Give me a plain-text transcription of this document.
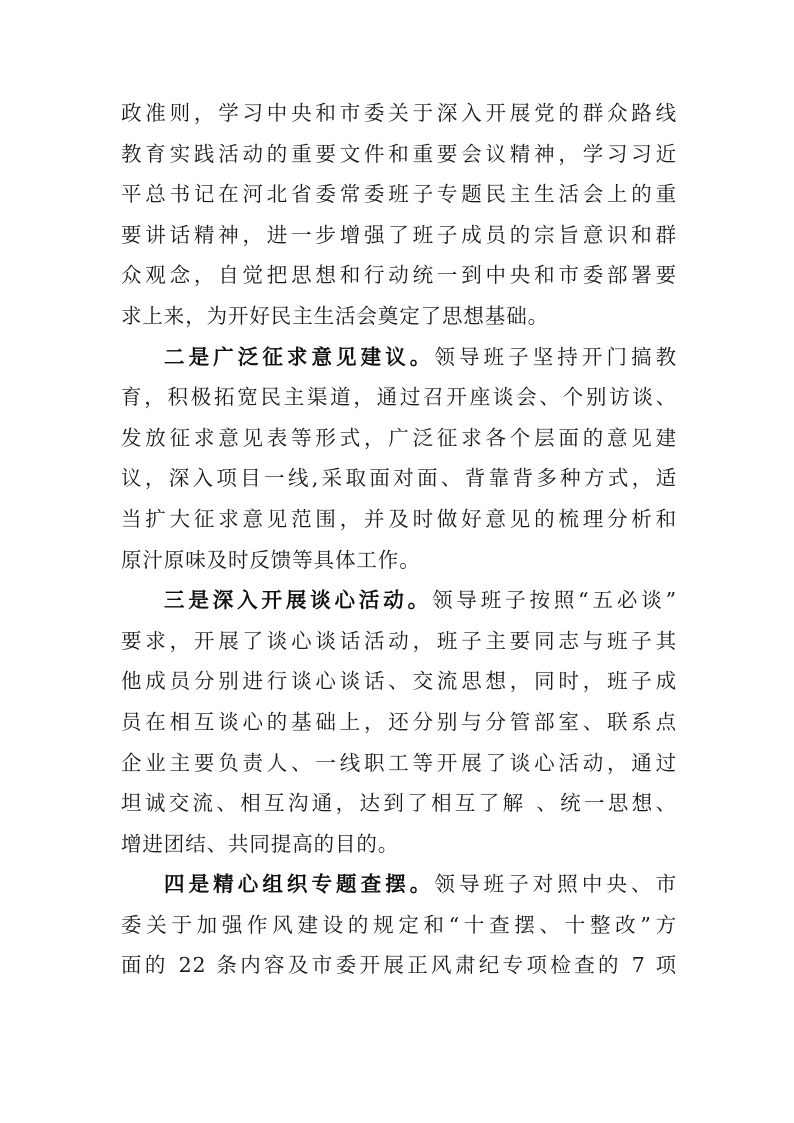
政准则，学习中央和市委关于深入开展党的群众路线
教育实践活动的重要文件和重要会议精神，学习习近
平总书记在河北省委常委班子专题民主生活会上的重
要讲话精神，进一步增强了班子成员的宗旨意识和群
众观念，自觉把思想和行动统一到中央和市委部署要
求上来，为开好民主生活会奠定了思想基础。
二是广泛征求意见建议。领导班子坚持开门搞教
育，积极拓宽民主渠道，通过召开座谈会、个别访谈、
发放征求意见表等形式，广泛征求各个层面的意见建
议，深入项目一线,采取面对面、背靠背多种方式，适
当扩大征求意见范围，并及时做好意见的梳理分析和
原汁原味及时反馈等具体工作。
三是深入开展谈心活动。领导班子按照“五必谈”
要求，开展了谈心谈话活动，班子主要同志与班子其
他成员分别进行谈心谈话、交流思想，同时，班子成
员在相互谈心的基础上，还分别与分管部室、联系点
企业主要负责人、一线职工等开展了谈心活动，通过
坦诚交流、相互沟通，达到了相互了解 、统一思想、
增进团结、共同提高的目的。
四是精心组织专题查摆。领导班子对照中央、市
委关于加强作风建设的规定和“十查摆、十整改”方
面的 22 条内容及市委开展正风肃纪专项检查的 7 项
